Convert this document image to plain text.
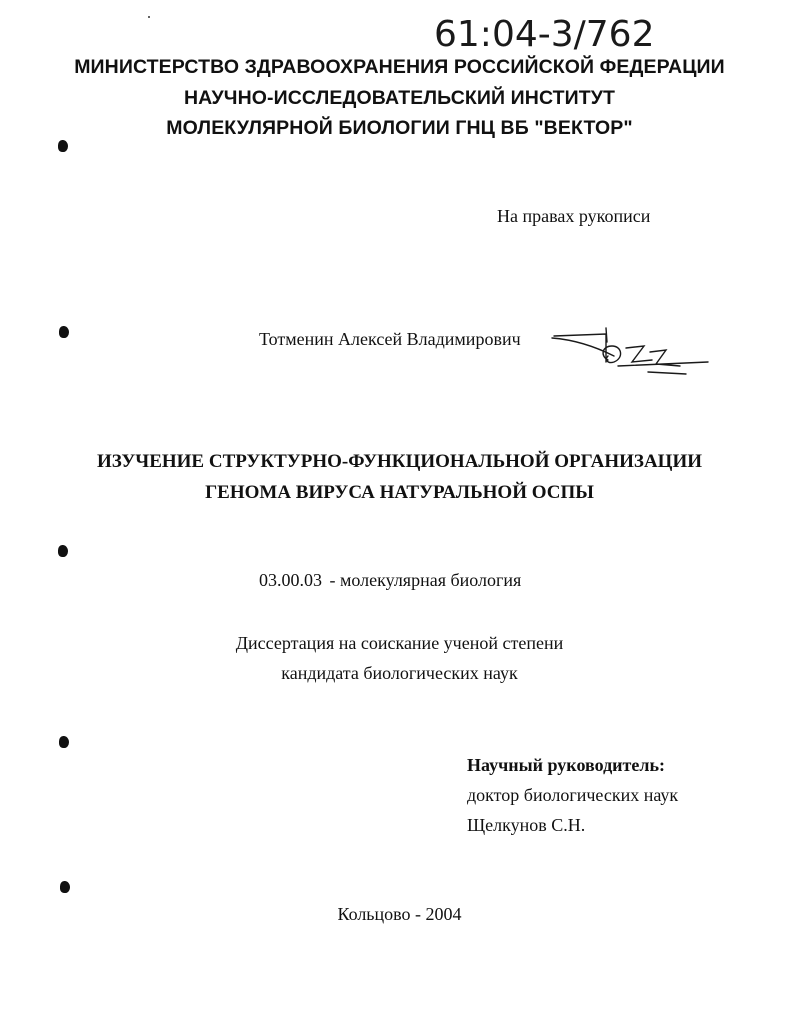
61:04-3/762
МИНИСТЕРСТВО ЗДРАВООХРАНЕНИЯ РОССИЙСКОЙ ФЕДЕРАЦИИ
НАУЧНО-ИССЛЕДОВАТЕЛЬСКИЙ ИНСТИТУТ
МОЛЕКУЛЯРНОЙ БИОЛОГИИ ГНЦ ВБ "ВЕКТОР"
На правах рукописи
Тотменин Алексей Владимирович
ИЗУЧЕНИЕ СТРУКТУРНО-ФУНКЦИОНАЛЬНОЙ ОРГАНИЗАЦИИ
ГЕНОМА ВИРУСА НАТУРАЛЬНОЙ ОСПЫ
03.00.03 - молекулярная биология
Диссертация на соискание ученой степени
кандидата биологических наук
Научный руководитель:
доктор биологических наук
Щелкунов С.Н.
Кольцово - 2004
